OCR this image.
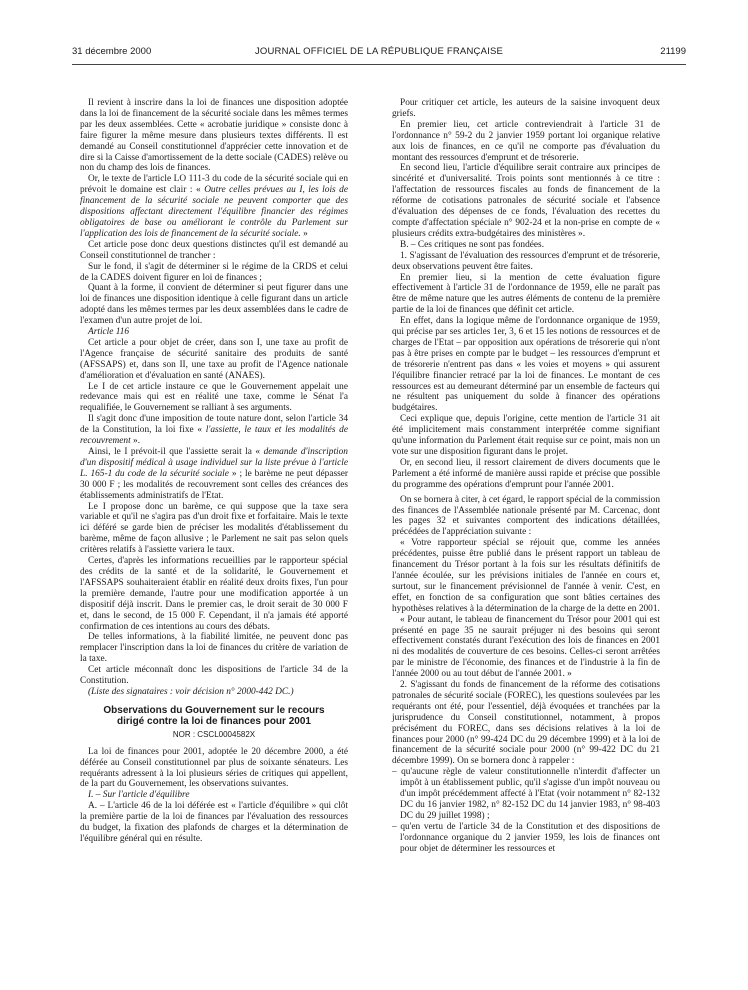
31 décembre 2000	JOURNAL OFFICIEL DE LA RÉPUBLIQUE FRANÇAISE	21199

Il revient à inscrire dans la loi de finances une disposition adoptée dans la loi de financement de la sécurité sociale dans les mêmes termes par les deux assemblées. Cette « acrobatie juridique » consiste donc à faire figurer la même mesure dans plusieurs textes différents. Il est demandé au Conseil constitutionnel d'apprécier cette innovation et de dire si la Caisse d'amortissement de la dette sociale (CADES) relève ou non du champ des lois de finances.

Or, le texte de l'article LO 111-3 du code de la sécurité sociale qui en prévoit le domaine est clair : « Outre celles prévues au I, les lois de financement de la sécurité sociale ne peuvent comporter que des dispositions affectant directement l'équilibre financier des régimes obligatoires de base ou améliorant le contrôle du Parlement sur l'application des lois de financement de la sécurité sociale. »

Cet article pose donc deux questions distinctes qu'il est demandé au Conseil constitutionnel de trancher :

Sur le fond, il s'agit de déterminer si le régime de la CRDS et celui de la CADES doivent figurer en loi de finances ;

Quant à la forme, il convient de déterminer si peut figurer dans une loi de finances une disposition identique à celle figurant dans un article adopté dans les mêmes termes par les deux assemblées dans le cadre de l'examen d'un autre projet de loi.

Article 116

Cet article a pour objet de créer, dans son I, une taxe au profit de l'Agence française de sécurité sanitaire des produits de santé (AFSSAPS) et, dans son II, une taxe au profit de l'Agence nationale d'amélioration et d'évaluation en santé (ANAES).

Le I de cet article instaure ce que le Gouvernement appelait une redevance mais qui est en réalité une taxe, comme le Sénat l'a requalifiée, le Gouvernement se ralliant à ses arguments.

Il s'agit donc d'une imposition de toute nature dont, selon l'article 34 de la Constitution, la loi fixe « l'assiette, le taux et les modalités de recouvrement ».

Ainsi, le I prévoit-il que l'assiette serait la « demande d'inscription d'un dispositif médical à usage individuel sur la liste prévue à l'article L. 165-1 du code de la sécurité sociale » ; le barème ne peut dépasser 30 000 F ; les modalités de recouvrement sont celles des créances des établissements administratifs de l'Etat.

Le I propose donc un barème, ce qui suppose que la taxe sera variable et qu'il ne s'agira pas d'un droit fixe et forfaitaire. Mais le texte ici déféré se garde bien de préciser les modalités d'établissement du barème, même de façon allusive ; le Parlement ne sait pas selon quels critères relatifs à l'assiette variera le taux.

Certes, d'après les informations recueillies par le rapporteur spécial des crédits de la santé et de la solidarité, le Gouvernement et l'AFSSAPS souhaiteraient établir en réalité deux droits fixes, l'un pour la première demande, l'autre pour une modification apportée à un dispositif déjà inscrit. Dans le premier cas, le droit serait de 30 000 F et, dans le second, de 15 000 F. Cependant, il n'a jamais été apporté confirmation de ces intentions au cours des débats.

De telles informations, à la fiabilité limitée, ne peuvent donc pas remplacer l'inscription dans la loi de finances du critère de variation de la taxe.

Cet article méconnaît donc les dispositions de l'article 34 de la Constitution.

(Liste des signataires : voir décision n° 2000-442 DC.)

Observations du Gouvernement sur le recours
dirigé contre la loi de finances pour 2001
NOR : CSCL0004582X

La loi de finances pour 2001, adoptée le 20 décembre 2000, a été déférée au Conseil constitutionnel par plus de soixante sénateurs. Les requérants adressent à la loi plusieurs séries de critiques qui appellent, de la part du Gouvernement, les observations suivantes.

I. – Sur l'article d'équilibre

A. – L'article 46 de la loi déférée est « l'article d'équilibre » qui clôt la première partie de la loi de finances par l'évaluation des ressources du budget, la fixation des plafonds de charges et la détermination de l'équilibre général qui en résulte.

Pour critiquer cet article, les auteurs de la saisine invoquent deux griefs.

En premier lieu, cet article contreviendrait à l'article 31 de l'ordonnance n° 59-2 du 2 janvier 1959 portant loi organique relative aux lois de finances, en ce qu'il ne comporte pas d'évaluation du montant des ressources d'emprunt et de trésorerie.

En second lieu, l'article d'équilibre serait contraire aux principes de sincérité et d'universalité. Trois points sont mentionnés à ce titre : l'affectation de ressources fiscales au fonds de financement de la réforme de cotisations patronales de sécurité sociale et l'absence d'évaluation des dépenses de ce fonds, l'évaluation des recettes du compte d'affectation spéciale n° 902-24 et la non-prise en compte de « plusieurs crédits extra-budgétaires des ministères ».

B. – Ces critiques ne sont pas fondées.

1. S'agissant de l'évaluation des ressources d'emprunt et de trésorerie, deux observations peuvent être faites.

En premier lieu, si la mention de cette évaluation figure effectivement à l'article 31 de l'ordonnance de 1959, elle ne paraît pas être de même nature que les autres éléments de contenu de la première partie de la loi de finances que définit cet article.

En effet, dans la logique même de l'ordonnance organique de 1959, qui précise par ses articles 1er, 3, 6 et 15 les notions de ressources et de charges de l'Etat – par opposition aux opérations de trésorerie qui n'ont pas à être prises en compte par le budget – les ressources d'emprunt et de trésorerie n'entrent pas dans « les voies et moyens » qui assurent l'équilibre financier retracé par la loi de finances. Le montant de ces ressources est au demeurant déterminé par un ensemble de facteurs qui ne résultent pas uniquement du solde à financer des opérations budgétaires.

Ceci explique que, depuis l'origine, cette mention de l'article 31 ait été implicitement mais constamment interprétée comme signifiant qu'une information du Parlement était requise sur ce point, mais non un vote sur une disposition figurant dans le projet.

Or, en second lieu, il ressort clairement de divers documents que le Parlement a été informé de manière aussi rapide et précise que possible du programme des opérations d'emprunt pour l'année 2001.

On se bornera à citer, à cet égard, le rapport spécial de la commission des finances de l'Assemblée nationale présenté par M. Carcenac, dont les pages 32 et suivantes comportent des indications détaillées, précédées de l'appréciation suivante :

« Votre rapporteur spécial se réjouit que, comme les années précédentes, puisse être publié dans le présent rapport un tableau de financement du Trésor portant à la fois sur les résultats définitifs de l'année écoulée, sur les prévisions initiales de l'année en cours et, surtout, sur le financement prévisionnel de l'année à venir. C'est, en effet, en fonction de sa configuration que sont bâties certaines des hypothèses relatives à la détermination de la charge de la dette en 2001.

« Pour autant, le tableau de financement du Trésor pour 2001 qui est présenté en page 35 ne saurait préjuger ni des besoins qui seront effectivement constatés durant l'exécution des lois de finances en 2001 ni des modalités de couverture de ces besoins. Celles-ci seront arrêtées par le ministre de l'économie, des finances et de l'industrie à la fin de l'année 2000 ou au tout début de l'année 2001. »

2. S'agissant du fonds de financement de la réforme des cotisations patronales de sécurité sociale (FOREC), les questions soulevées par les requérants ont été, pour l'essentiel, déjà évoquées et tranchées par la jurisprudence du Conseil constitutionnel, notamment, à propos précisément du FOREC, dans ses décisions relatives à la loi de finances pour 2000 (n° 99-424 DC du 29 décembre 1999) et à la loi de financement de la sécurité sociale pour 2000 (n° 99-422 DC du 21 décembre 1999). On se bornera donc à rappeler :

– qu'aucune règle de valeur constitutionnelle n'interdit d'affecter un impôt à un établissement public, qu'il s'agisse d'un impôt nouveau ou d'un impôt précédemment affecté à l'Etat (voir notamment n° 82-132 DC du 16 janvier 1982, n° 82-152 DC du 14 janvier 1983, n° 98-403 DC du 29 juillet 1998) ;

– qu'en vertu de l'article 34 de la Constitution et des dispositions de l'ordonnance organique du 2 janvier 1959, les lois de finances ont pour objet de déterminer les ressources et
